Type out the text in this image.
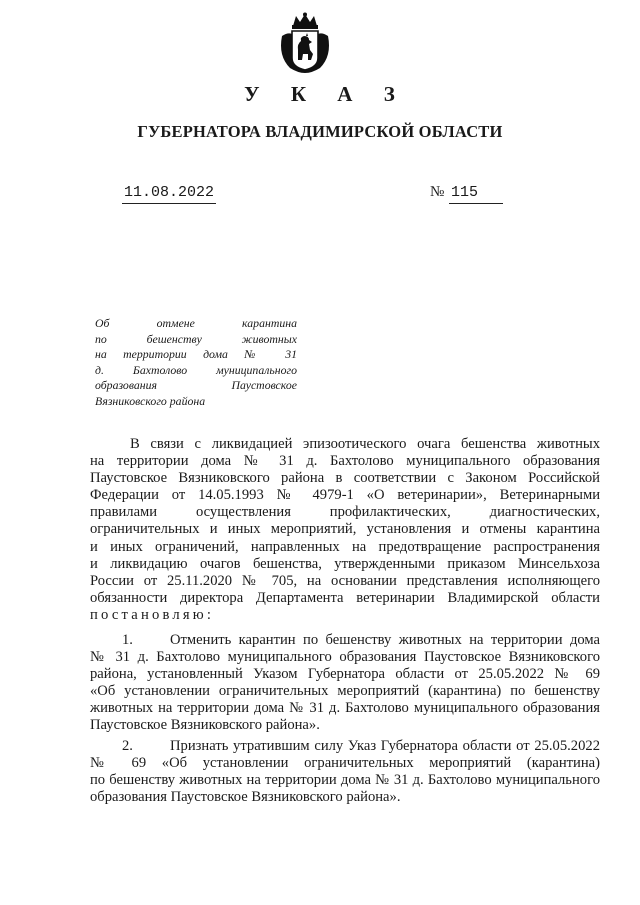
У К А З
ГУБЕРНАТОРА ВЛАДИМИРСКОЙ ОБЛАСТИ
11.08.2022	№ 115
Об отмене карантина
по бешенству животных
на территории дома № 31
д. Бахтолово муниципального
образования Паустовское
Вязниковского района
В связи с ликвидацией эпизоотического очага бешенства животных
на территории дома № 31 д. Бахтолово муниципального образования
Паустовское Вязниковского района в соответствии с Законом Российской
Федерации от 14.05.1993 № 4979-1 «О ветеринарии», Ветеринарными
правилами осуществления профилактических, диагностических,
ограничительных и иных мероприятий, установления и отмены карантина
и иных ограничений, направленных на предотвращение распространения
и ликвидацию очагов бешенства, утвержденными приказом Минсельхоза
России от 25.11.2020 № 705, на основании представления исполняющего
обязанности директора Департамента ветеринарии Владимирской области
постановляю:
1.	Отменить карантин по бешенству животных на территории дома
№ 31 д. Бахтолово муниципального образования Паустовское Вязниковского
района, установленный Указом Губернатора области от 25.05.2022 № 69
«Об установлении ограничительных мероприятий (карантина) по бешенству
животных на территории дома № 31 д. Бахтолово муниципального образования
Паустовское Вязниковского района».
2.	Признать утратившим силу Указ Губернатора области от 25.05.2022
№ 69 «Об установлении ограничительных мероприятий (карантина)
по бешенству животных на территории дома № 31 д. Бахтолово муниципального
образования Паустовское Вязниковского района».
